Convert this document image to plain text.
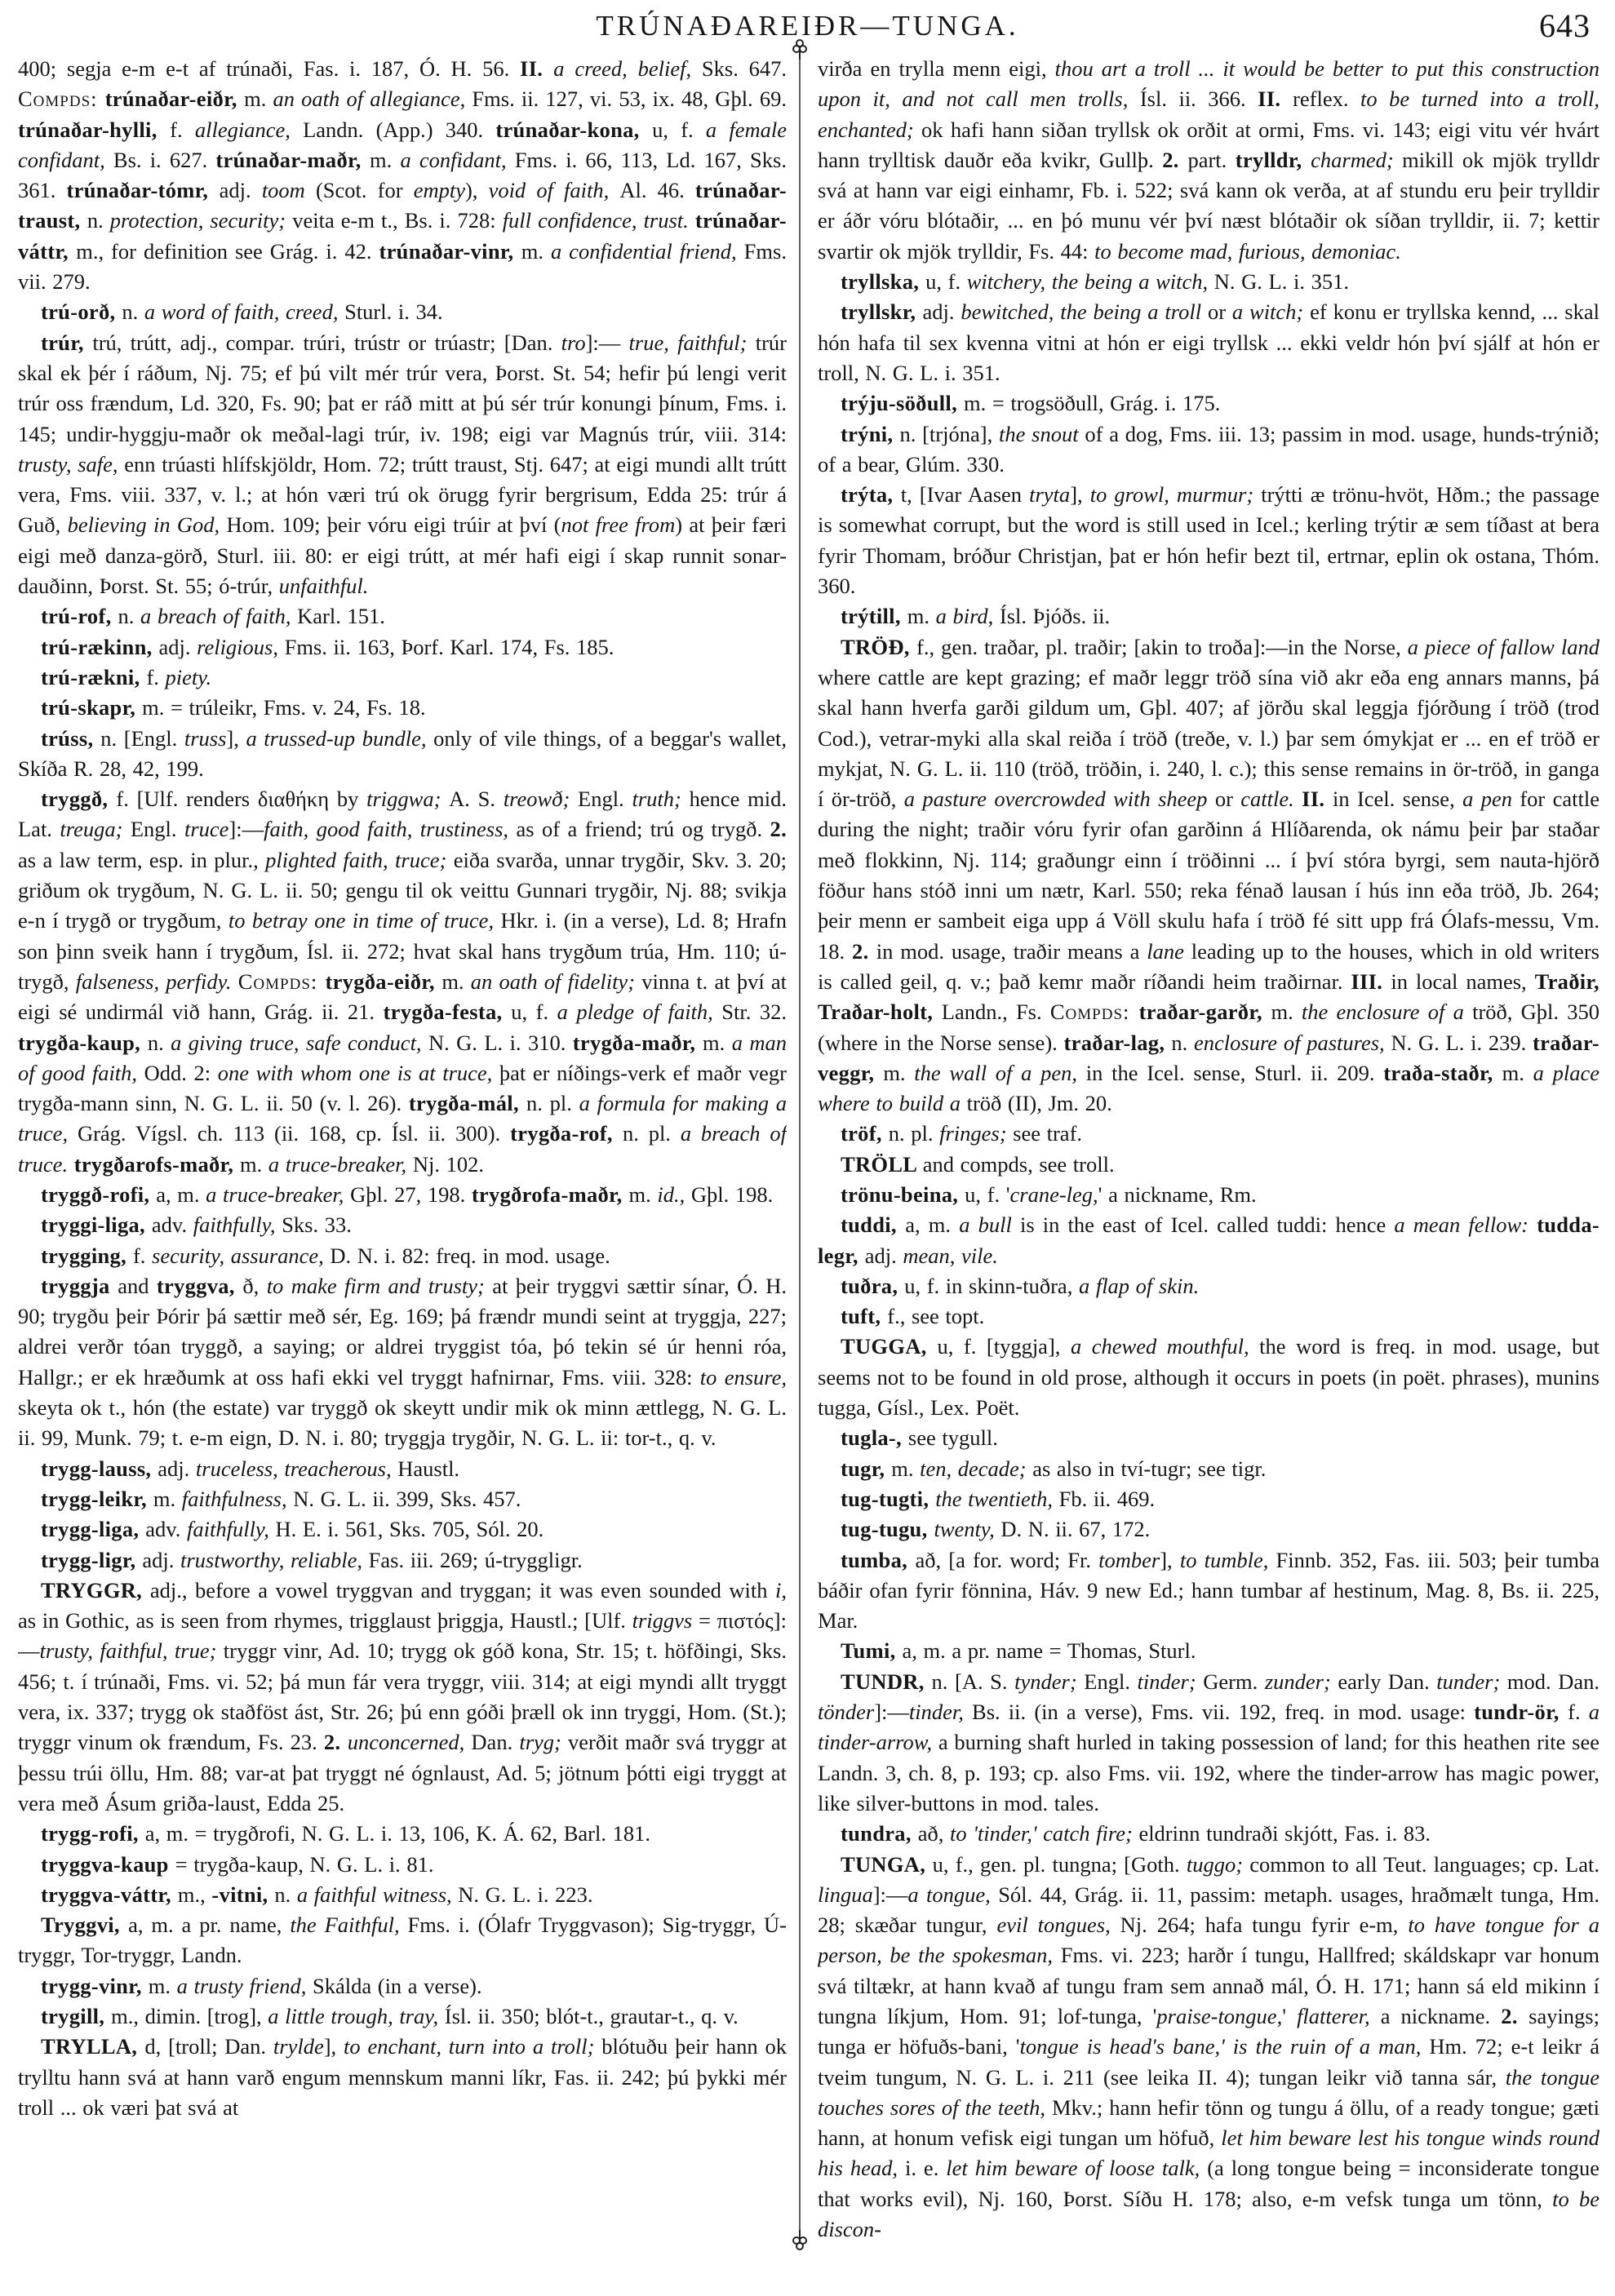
TRÚNAÐAREIÐR—TUNGA.	643

400; segja e-m e-t af trúnaði, Fas. i. 187, Ó. H. 56. II. a creed, belief, Sks. 647. Compds: trúnaðar-eiðr, m. an oath of allegiance, Fms. ii. 127, vi. 53, ix. 48, Gþl. 69. trúnaðar-hylli, f. allegiance, Landn. (App.) 340. trúnaðar-kona, u, f. a female confidant, Bs. i. 627. trúnaðar-maðr, m. a confidant, Fms. i. 66, 113, Ld. 167, Sks. 361. trúnaðar-tómr, adj. toom (Scot. for empty), void of faith, Al. 46. trúnaðar-traust, n. protection, security; veita e-m t., Bs. i. 728: full confidence, trust. trúnaðar-váttr, m., for definition see Grág. i. 42. trúnaðar-vinr, m. a confidential friend, Fms. vii. 279.

trú-orð, n. a word of faith, creed, Sturl. i. 34.

trúr, trú, trútt, adj., compar. trúri, trústr or trúastr; [Dan. tro]:— true, faithful; trúr skal ek þér í ráðum, Nj. 75; ef þú vilt mér trúr vera, Þorst. St. 54; hefir þú lengi verit trúr oss frændum, Ld. 320, Fs. 90; þat er ráð mitt at þú sér trúr konungi þínum, Fms. i. 145; undir-hyggju-maðr ok meðal-lagi trúr, iv. 198; eigi var Magnús trúr, viii. 314: trusty, safe, enn trúasti hlífskjöldr, Hom. 72; trútt traust, Stj. 647; at eigi mundi allt trútt vera, Fms. viii. 337, v. l.; at hón væri trú ok örugg fyrir bergrisum, Edda 25: trúr á Guð, believing in God, Hom. 109; þeir vóru eigi trúir at því (not free from) at þeir færi eigi með danza-görð, Sturl. iii. 80: er eigi trútt, at mér hafi eigi í skap runnit sonar-dauðinn, Þorst. St. 55; ó-trúr, unfaithful.

trú-rof, n. a breach of faith, Karl. 151.

trú-rækinn, adj. religious, Fms. ii. 163, Þorf. Karl. 174, Fs. 185.

trú-rækni, f. piety.

trú-skapr, m. = trúleikr, Fms. v. 24, Fs. 18.

trúss, n. [Engl. truss], a trussed-up bundle, only of vile things, of a beggar's wallet, Skíða R. 28, 42, 199.

tryggð, f. [Ulf. renders διαθήκη by triggwa; A. S. treowð; Engl. truth; hence mid. Lat. treuga; Engl. truce]:—faith, good faith, trustiness, as of a friend; trú og trygð. 2. as a law term, esp. in plur., plighted faith, truce; eiða svarða, unnar trygðir, Skv. 3. 20; griðum ok trygðum, N. G. L. ii. 50; gengu til ok veittu Gunnari trygðir, Nj. 88; svikja e-n í trygð or trygðum, to betray one in time of truce, Hkr. i. (in a verse), Ld. 8; Hrafn son þinn sveik hann í trygðum, Ísl. ii. 272; hvat skal hans trygðum trúa, Hm. 110; ú-trygð, falseness, perfidy. Compds: trygða-eiðr, m. an oath of fidelity; vinna t. at því at eigi sé undirmál við hann, Grág. ii. 21. trygða-festa, u, f. a pledge of faith, Str. 32. trygða-kaup, n. a giving truce, safe conduct, N. G. L. i. 310. trygða-maðr, m. a man of good faith, Odd. 2: one with whom one is at truce, þat er níðings-verk ef maðr vegr trygða-mann sinn, N. G. L. ii. 50 (v. l. 26). trygða-mál, n. pl. a formula for making a truce, Grág. Vígsl. ch. 113 (ii. 168, cp. Ísl. ii. 300). trygða-rof, n. pl. a breach of truce. trygðarofs-maðr, m. a truce-breaker, Nj. 102.

tryggð-rofi, a, m. a truce-breaker, Gþl. 27, 198. trygðrofa-maðr, m. id., Gþl. 198.

tryggi-liga, adv. faithfully, Sks. 33.

trygging, f. security, assurance, D. N. i. 82: freq. in mod. usage.

tryggja and tryggva, ð, to make firm and trusty; at þeir tryggvi sættir sínar, Ó. H. 90; trygðu þeir Þórir þá sættir með sér, Eg. 169; þá frændr mundi seint at tryggja, 227; aldrei verðr tóan tryggð, a saying; or aldrei tryggist tóa, þó tekin sé úr henni róa, Hallgr.; er ek hræðumk at oss hafi ekki vel tryggt hafnirnar, Fms. viii. 328: to ensure, skeyta ok t., hón (the estate) var tryggð ok skeytt undir mik ok minn ættlegg, N. G. L. ii. 99, Munk. 79; t. e-m eign, D. N. i. 80; tryggja trygðir, N. G. L. ii: tor-t., q. v.

trygg-lauss, adj. truceless, treacherous, Haustl.

trygg-leikr, m. faithfulness, N. G. L. ii. 399, Sks. 457.

trygg-liga, adv. faithfully, H. E. i. 561, Sks. 705, Sól. 20.

trygg-ligr, adj. trustworthy, reliable, Fas. iii. 269; ú-tryggligr.

TRYGGR, adj., before a vowel tryggvan and tryggan; it was even sounded with i, as in Gothic, as is seen from rhymes, trigglaust þriggja, Haustl.; [Ulf. triggvs = πιστός]:—trusty, faithful, true; tryggr vinr, Ad. 10; trygg ok góð kona, Str. 15; t. höfðingi, Sks. 456; t. í trúnaði, Fms. vi. 52; þá mun fár vera tryggr, viii. 314; at eigi myndi allt tryggt vera, ix. 337; trygg ok staðföst ást, Str. 26; þú enn góði þræll ok inn tryggi, Hom. (St.); tryggr vinum ok frændum, Fs. 23. 2. unconcerned, Dan. tryg; verðit maðr svá tryggr at þessu trúi öllu, Hm. 88; var-at þat tryggt né ógnlaust, Ad. 5; jötnum þótti eigi tryggt at vera með Ásum griða-laust, Edda 25.

trygg-rofi, a, m. = trygðrofi, N. G. L. i. 13, 106, K. Á. 62, Barl. 181.

tryggva-kaup = trygða-kaup, N. G. L. i. 81.

tryggva-váttr, m., -vitni, n. a faithful witness, N. G. L. i. 223.

Tryggvi, a, m. a pr. name, the Faithful, Fms. i. (Ólafr Tryggvason); Sig-tryggr, Ú-tryggr, Tor-tryggr, Landn.

trygg-vinr, m. a trusty friend, Skálda (in a verse).

trygill, m., dimin. [trog], a little trough, tray, Ísl. ii. 350; blót-t., grautar-t., q. v.

TRYLLA, d, [troll; Dan. trylde], to enchant, turn into a troll; blótuðu þeir hann ok trylltu hann svá at hann varð engum mennskum manni líkr, Fas. ii. 242; þú þykki mér troll ... ok væri þat svá at

virða en trylla menn eigi, thou art a troll ... it would be better to put this construction upon it, and not call men trolls, Ísl. ii. 366. II. reflex. to be turned into a troll, enchanted; ok hafi hann siðan tryllsk ok orðit at ormi, Fms. vi. 143; eigi vitu vér hvárt hann trylltisk dauðr eða kvikr, Gullþ. 2. part. trylldr, charmed; mikill ok mjök trylldr svá at hann var eigi einhamr, Fb. i. 522; svá kann ok verða, at af stundu eru þeir trylldir er áðr vóru blótaðir, ... en þó munu vér því næst blótaðir ok síðan trylldir, ii. 7; kettir svartir ok mjök trylldir, Fs. 44: to become mad, furious, demoniac.

tryllska, u, f. witchery, the being a witch, N. G. L. i. 351.

tryllskr, adj. bewitched, the being a troll or a witch; ef konu er tryllska kennd, ... skal hón hafa til sex kvenna vitni at hón er eigi tryllsk ... ekki veldr hón því sjálf at hón er troll, N. G. L. i. 351.

trýju-söðull, m. = trogsöðull, Grág. i. 175.

trýni, n. [trjóna], the snout of a dog, Fms. iii. 13; passim in mod. usage, hunds-trýnið; of a bear, Glúm. 330.

trýta, t, [Ivar Aasen tryta], to growl, murmur; trýtti æ trönu-hvöt, Hðm.; the passage is somewhat corrupt, but the word is still used in Icel.; kerling trýtir æ sem tíðast at bera fyrir Thomam, bróður Christjan, þat er hón hefir bezt til, ertrnar, eplin ok ostana, Thóm. 360.

trýtill, m. a bird, Ísl. Þjóðs. ii.

TRÖÐ, f., gen. traðar, pl. traðir; [akin to troða]:—in the Norse, a piece of fallow land where cattle are kept grazing; ef maðr leggr tröð sína við akr eða eng annars manns, þá skal hann hverfa garði gildum um, Gþl. 407; af jörðu skal leggja fjórðung í tröð (trod Cod.), vetrar-myki alla skal reiða í tröð (treðe, v. l.) þar sem ómykjat er ... en ef tröð er mykjat, N. G. L. ii. 110 (tröð, tröðin, i. 240, l. c.); this sense remains in ör-tröð, in ganga í ör-tröð, a pasture overcrowded with sheep or cattle. II. in Icel. sense, a pen for cattle during the night; traðir vóru fyrir ofan garðinn á Hlíðarenda, ok námu þeir þar staðar með flokkinn, Nj. 114; graðungr einn í tröðinni ... í því stóra byrgi, sem nauta-hjörð föður hans stóð inni um nætr, Karl. 550; reka fénað lausan í hús inn eða tröð, Jb. 264; þeir menn er sambeit eiga upp á Völl skulu hafa í tröð fé sitt upp frá Ólafs-messu, Vm. 18. 2. in mod. usage, traðir means a lane leading up to the houses, which in old writers is called geil, q. v.; það kemr maðr ríðandi heim traðirnar. III. in local names, Traðir, Traðar-holt, Landn., Fs. Compds: traðar-garðr, m. the enclosure of a tröð, Gþl. 350 (where in the Norse sense). traðar-lag, n. enclosure of pastures, N. G. L. i. 239. traðar-veggr, m. the wall of a pen, in the Icel. sense, Sturl. ii. 209. traða-staðr, m. a place where to build a tröð (II), Jm. 20.

tröf, n. pl. fringes; see traf.

TRÖLL and compds, see troll.

trönu-beina, u, f. 'crane-leg,' a nickname, Rm.

tuddi, a, m. a bull is in the east of Icel. called tuddi: hence a mean fellow: tudda-legr, adj. mean, vile.

tuðra, u, f. in skinn-tuðra, a flap of skin.

tuft, f., see topt.

TUGGA, u, f. [tyggja], a chewed mouthful, the word is freq. in mod. usage, but seems not to be found in old prose, although it occurs in poets (in poët. phrases), munins tugga, Gísl., Lex. Poët.

tugla-, see tygull.

tugr, m. ten, decade; as also in tví-tugr; see tigr.

tug-tugti, the twentieth, Fb. ii. 469.

tug-tugu, twenty, D. N. ii. 67, 172.

tumba, að, [a for. word; Fr. tomber], to tumble, Finnb. 352, Fas. iii. 503; þeir tumba báðir ofan fyrir fönnina, Háv. 9 new Ed.; hann tumbar af hestinum, Mag. 8, Bs. ii. 225, Mar.

Tumi, a, m. a pr. name = Thomas, Sturl.

TUNDR, n. [A. S. tynder; Engl. tinder; Germ. zunder; early Dan. tunder; mod. Dan. tönder]:—tinder, Bs. ii. (in a verse), Fms. vii. 192, freq. in mod. usage: tundr-ör, f. a tinder-arrow, a burning shaft hurled in taking possession of land; for this heathen rite see Landn. 3, ch. 8, p. 193; cp. also Fms. vii. 192, where the tinder-arrow has magic power, like silver-buttons in mod. tales.

tundra, að, to 'tinder,' catch fire; eldrinn tundraði skjótt, Fas. i. 83.

TUNGA, u, f., gen. pl. tungna; [Goth. tuggo; common to all Teut. languages; cp. Lat. lingua]:—a tongue, Sól. 44, Grág. ii. 11, passim: metaph. usages, hraðmælt tunga, Hm. 28; skæðar tungur, evil tongues, Nj. 264; hafa tungu fyrir e-m, to have tongue for a person, be the spokesman, Fms. vi. 223; harðr í tungu, Hallfred; skáldskapr var honum svá tiltækr, at hann kvað af tungu fram sem annað mál, Ó. H. 171; hann sá eld mikinn í tungna líkjum, Hom. 91; lof-tunga, 'praise-tongue,' flatterer, a nickname. 2. sayings; tunga er höfuðs-bani, 'tongue is head's bane,' is the ruin of a man, Hm. 72; e-t leikr á tveim tungum, N. G. L. i. 211 (see leika II. 4); tungan leikr við tanna sár, the tongue touches sores of the teeth, Mkv.; hann hefir tönn og tungu á öllu, of a ready tongue; gæti hann, at honum vefisk eigi tungan um höfuð, let him beware lest his tongue winds round his head, i. e. let him beware of loose talk, (a long tongue being = inconsiderate tongue that works evil), Nj. 160, Þorst. Síðu H. 178; also, e-m vefsk tunga um tönn, to be discon-
